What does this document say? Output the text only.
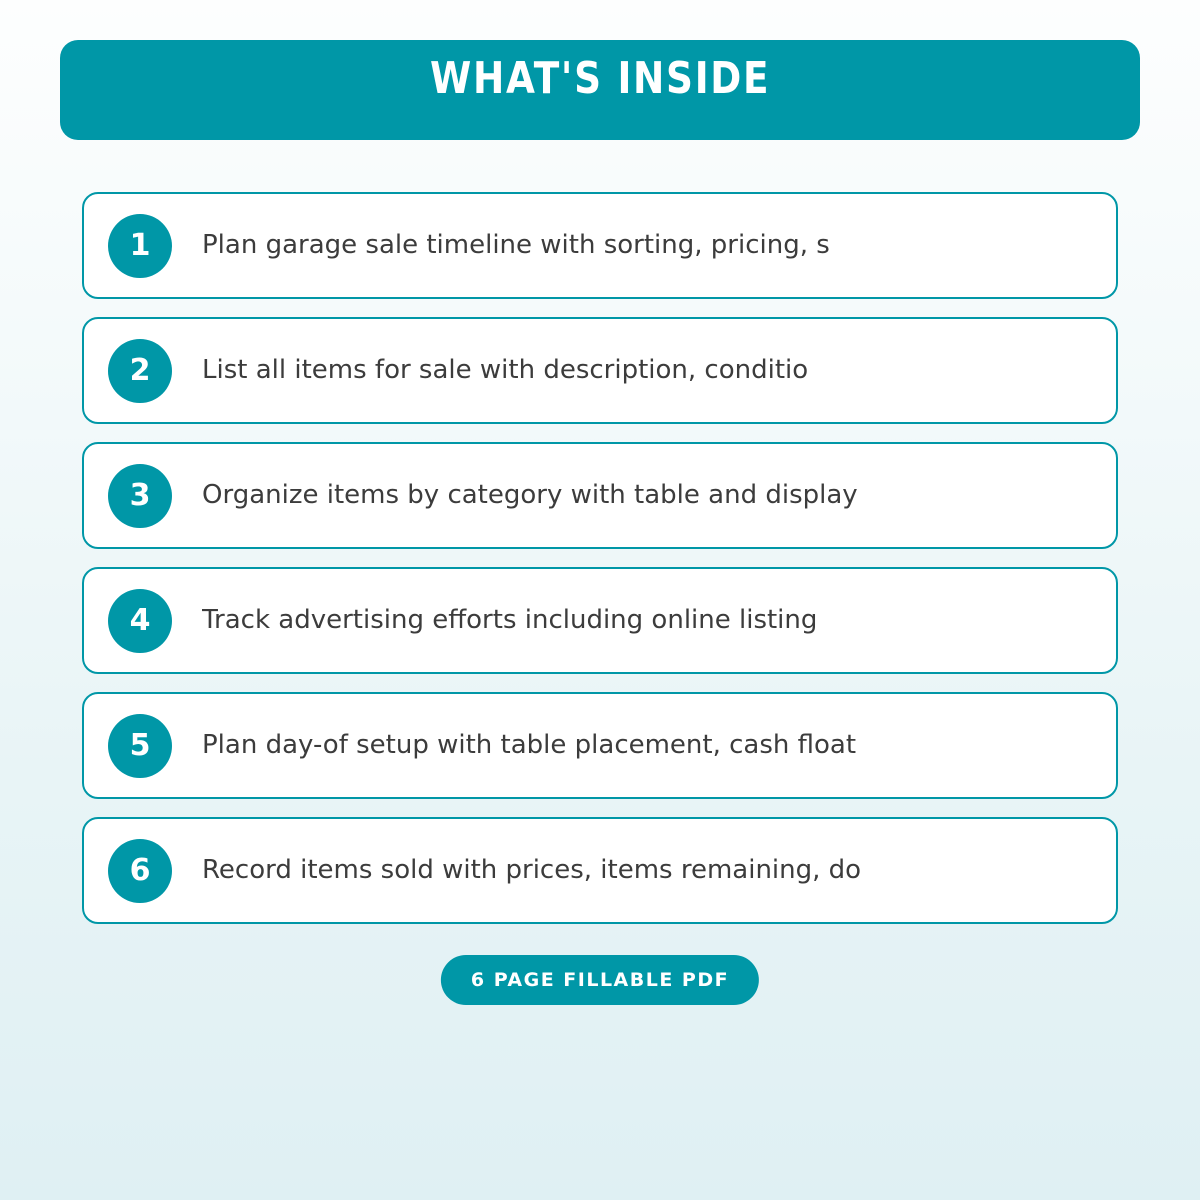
WHAT'S INSIDE
1	Plan garage sale timeline with sorting, pricing, s
2	List all items for sale with description, conditio
3	Organize items by category with table and display
4	Track advertising efforts including online listing
5	Plan day-of setup with table placement, cash float
6	Record items sold with prices, items remaining, do
6 PAGE FILLABLE PDF
